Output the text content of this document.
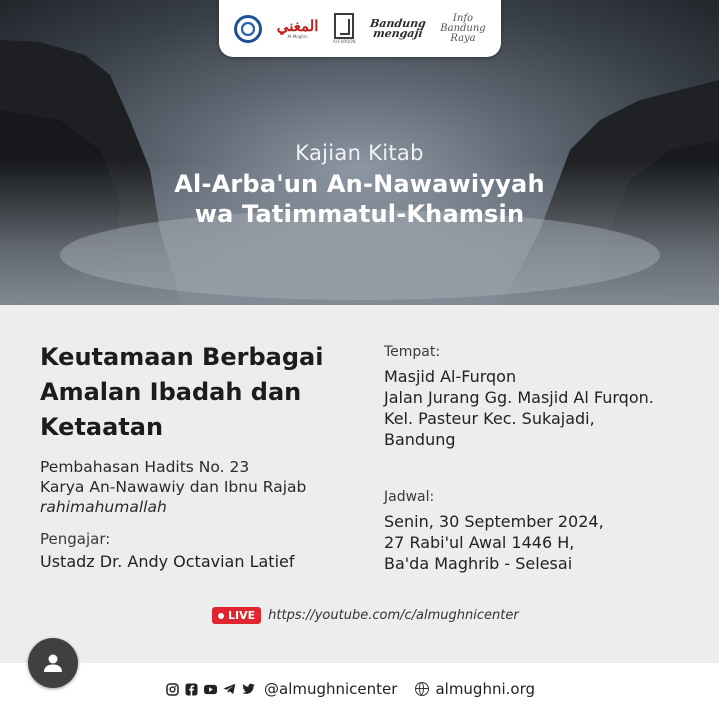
المغني
Al-Mughni
Al-FURQON
Bandung
mengaji
Info
Bandung
Raya
Kajian Kitab
Al-Arba'un An-Nawawiyyah
wa Tatimmatul-Khamsin
Keutamaan Berbagai
Amalan Ibadah dan
Ketaatan
Pembahasan Hadits No. 23
Karya An-Nawawiy dan Ibnu Rajab
rahimahumallah
Pengajar:
Ustadz Dr. Andy Octavian Latief
Tempat:
Masjid Al-Furqon
Jalan Jurang Gg. Masjid Al Furqon.
Kel. Pasteur Kec. Sukajadi,
Bandung
Jadwal:
Senin, 30 September 2024,
27 Rabi'ul Awal 1446 H,
Ba'da Maghrib - Selesai
LIVE https://youtube.com/c/almughnicenter
@almughnicenter	almughni.org
